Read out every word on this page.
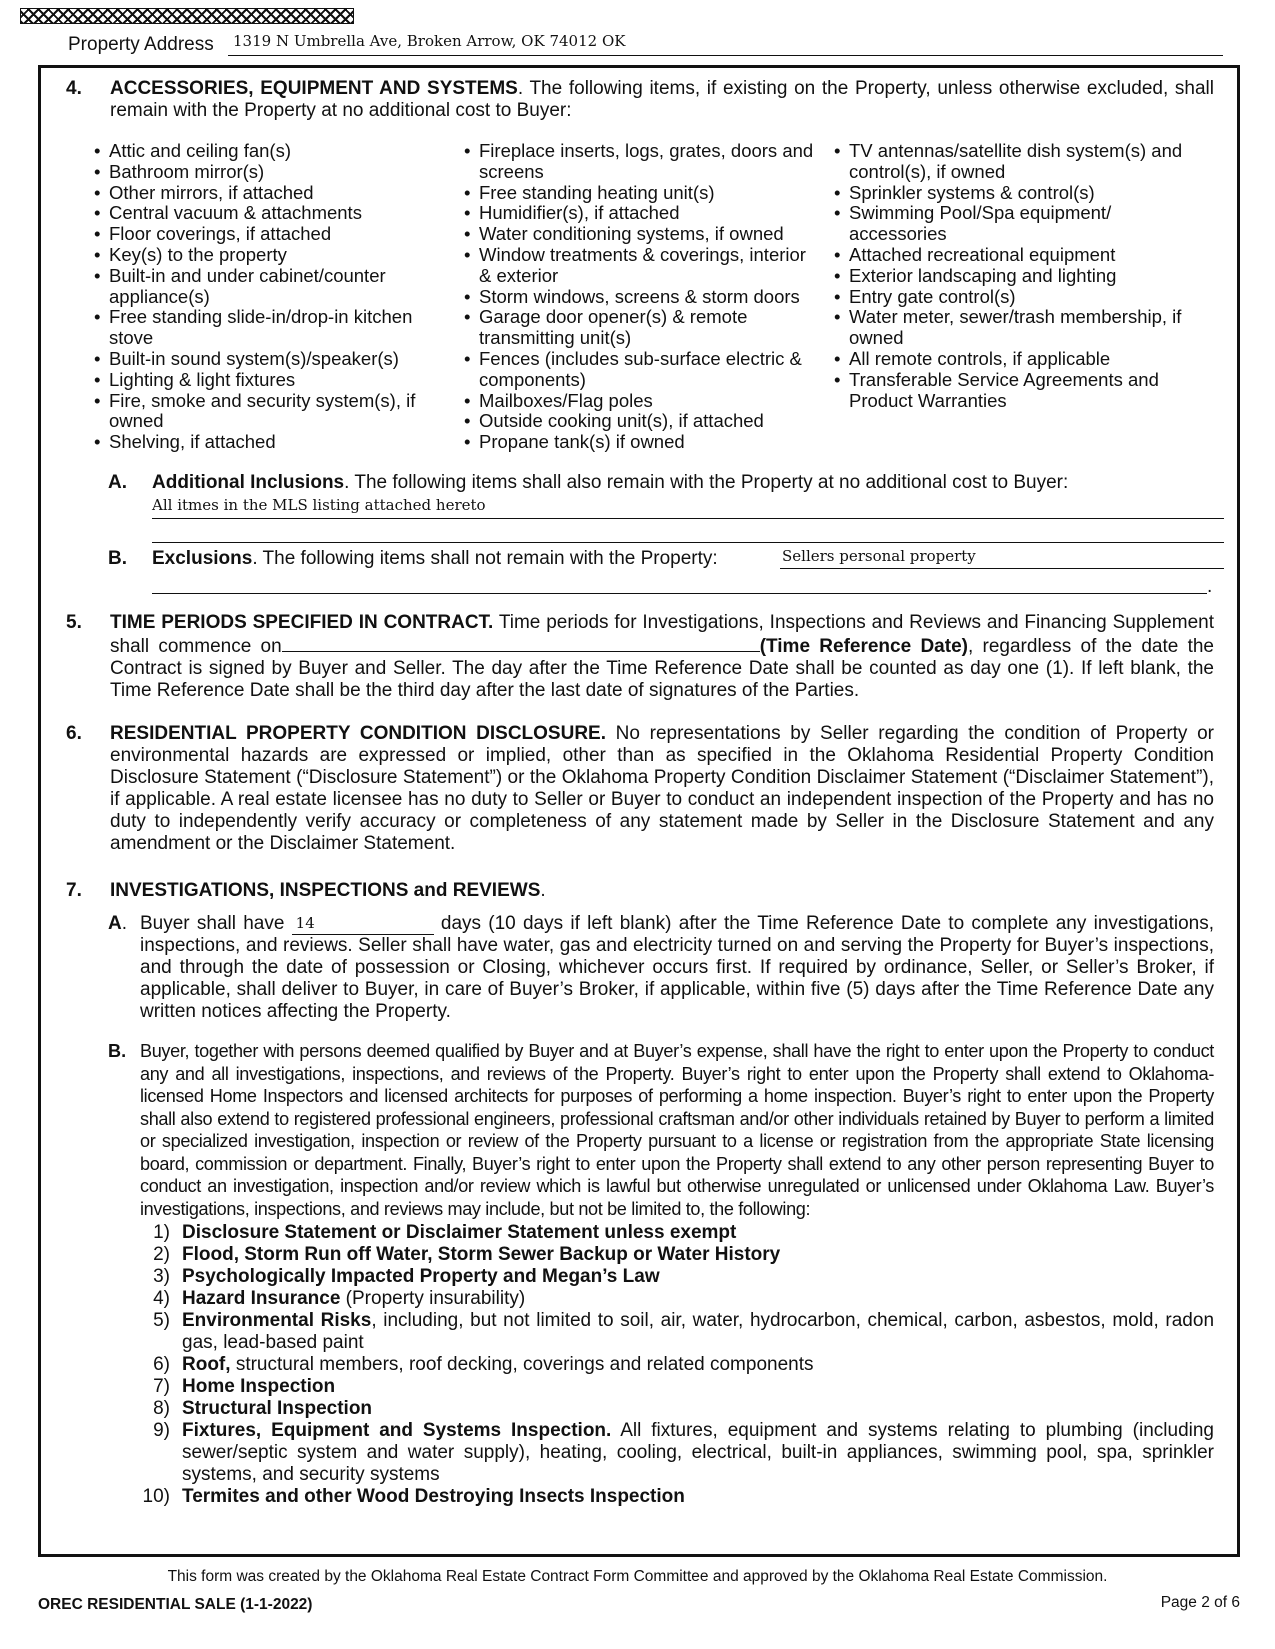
Property Address 1319 N Umbrella Ave, Broken Arrow, OK 74012 OK
4. ACCESSORIES, EQUIPMENT AND SYSTEMS. The following items, if existing on the Property, unless otherwise excluded, shall remain with the Property at no additional cost to Buyer:
• Attic and ceiling fan(s)
• Bathroom mirror(s)
• Other mirrors, if attached
• Central vacuum & attachments
• Floor coverings, if attached
• Key(s) to the property
• Built-in and under cabinet/counter appliance(s)
• Free standing slide-in/drop-in kitchen stove
• Built-in sound system(s)/speaker(s)
• Lighting & light fixtures
• Fire, smoke and security system(s), if owned
• Shelving, if attached
• Fireplace inserts, logs, grates, doors and screens
• Free standing heating unit(s)
• Humidifier(s), if attached
• Water conditioning systems, if owned
• Window treatments & coverings, interior & exterior
• Storm windows, screens & storm doors
• Garage door opener(s) & remote transmitting unit(s)
• Fences (includes sub-surface electric & components)
• Mailboxes/Flag poles
• Outside cooking unit(s), if attached
• Propane tank(s) if owned
• TV antennas/satellite dish system(s) and control(s), if owned
• Sprinkler systems & control(s)
• Swimming Pool/Spa equipment/ accessories
• Attached recreational equipment
• Exterior landscaping and lighting
• Entry gate control(s)
• Water meter, sewer/trash membership, if owned
• All remote controls, if applicable
• Transferable Service Agreements and Product Warranties
A. Additional Inclusions. The following items shall also remain with the Property at no additional cost to Buyer:
All itmes in the MLS listing attached hereto
B. Exclusions. The following items shall not remain with the Property:	Sellers personal property
.
5. TIME PERIODS SPECIFIED IN CONTRACT. Time periods for Investigations, Inspections and Reviews and Financing Supplement shall commence on	(Time Reference Date), regardless of the date the Contract is signed by Buyer and Seller. The day after the Time Reference Date shall be counted as day one (1). If left blank, the Time Reference Date shall be the third day after the last date of signatures of the Parties.
6. RESIDENTIAL PROPERTY CONDITION DISCLOSURE. No representations by Seller regarding the condition of Property or environmental hazards are expressed or implied, other than as specified in the Oklahoma Residential Property Condition Disclosure Statement (“Disclosure Statement”) or the Oklahoma Property Condition Disclaimer Statement (“Disclaimer Statement”), if applicable. A real estate licensee has no duty to Seller or Buyer to conduct an independent inspection of the Property and has no duty to independently verify accuracy or completeness of any statement made by Seller in the Disclosure Statement and any amendment or the Disclaimer Statement.
7. INVESTIGATIONS, INSPECTIONS and REVIEWS.
A. Buyer shall have 14	days (10 days if left blank) after the Time Reference Date to complete any investigations, inspections, and reviews. Seller shall have water, gas and electricity turned on and serving the Property for Buyer’s inspections, and through the date of possession or Closing, whichever occurs first. If required by ordinance, Seller, or Seller’s Broker, if applicable, shall deliver to Buyer, in care of Buyer’s Broker, if applicable, within five (5) days after the Time Reference Date any written notices affecting the Property.
B. Buyer, together with persons deemed qualified by Buyer and at Buyer’s expense, shall have the right to enter upon the Property to conduct any and all investigations, inspections, and reviews of the Property. Buyer’s right to enter upon the Property shall extend to Oklahoma-licensed Home Inspectors and licensed architects for purposes of performing a home inspection. Buyer’s right to enter upon the Property shall also extend to registered professional engineers, professional craftsman and/or other individuals retained by Buyer to perform a limited or specialized investigation, inspection or review of the Property pursuant to a license or registration from the appropriate State licensing board, commission or department. Finally, Buyer’s right to enter upon the Property shall extend to any other person representing Buyer to conduct an investigation, inspection and/or review which is lawful but otherwise unregulated or unlicensed under Oklahoma Law. Buyer’s investigations, inspections, and reviews may include, but not be limited to, the following:
1) Disclosure Statement or Disclaimer Statement unless exempt
2) Flood, Storm Run off Water, Storm Sewer Backup or Water History
3) Psychologically Impacted Property and Megan’s Law
4) Hazard Insurance (Property insurability)
5) Environmental Risks, including, but not limited to soil, air, water, hydrocarbon, chemical, carbon, asbestos, mold, radon gas, lead-based paint
6) Roof, structural members, roof decking, coverings and related components
7) Home Inspection
8) Structural Inspection
9) Fixtures, Equipment and Systems Inspection. All fixtures, equipment and systems relating to plumbing (including sewer/septic system and water supply), heating, cooling, electrical, built-in appliances, swimming pool, spa, sprinkler systems, and security systems
10) Termites and other Wood Destroying Insects Inspection
This form was created by the Oklahoma Real Estate Contract Form Committee and approved by the Oklahoma Real Estate Commission.
OREC RESIDENTIAL SALE (1-1-2022)	Page 2 of 6
